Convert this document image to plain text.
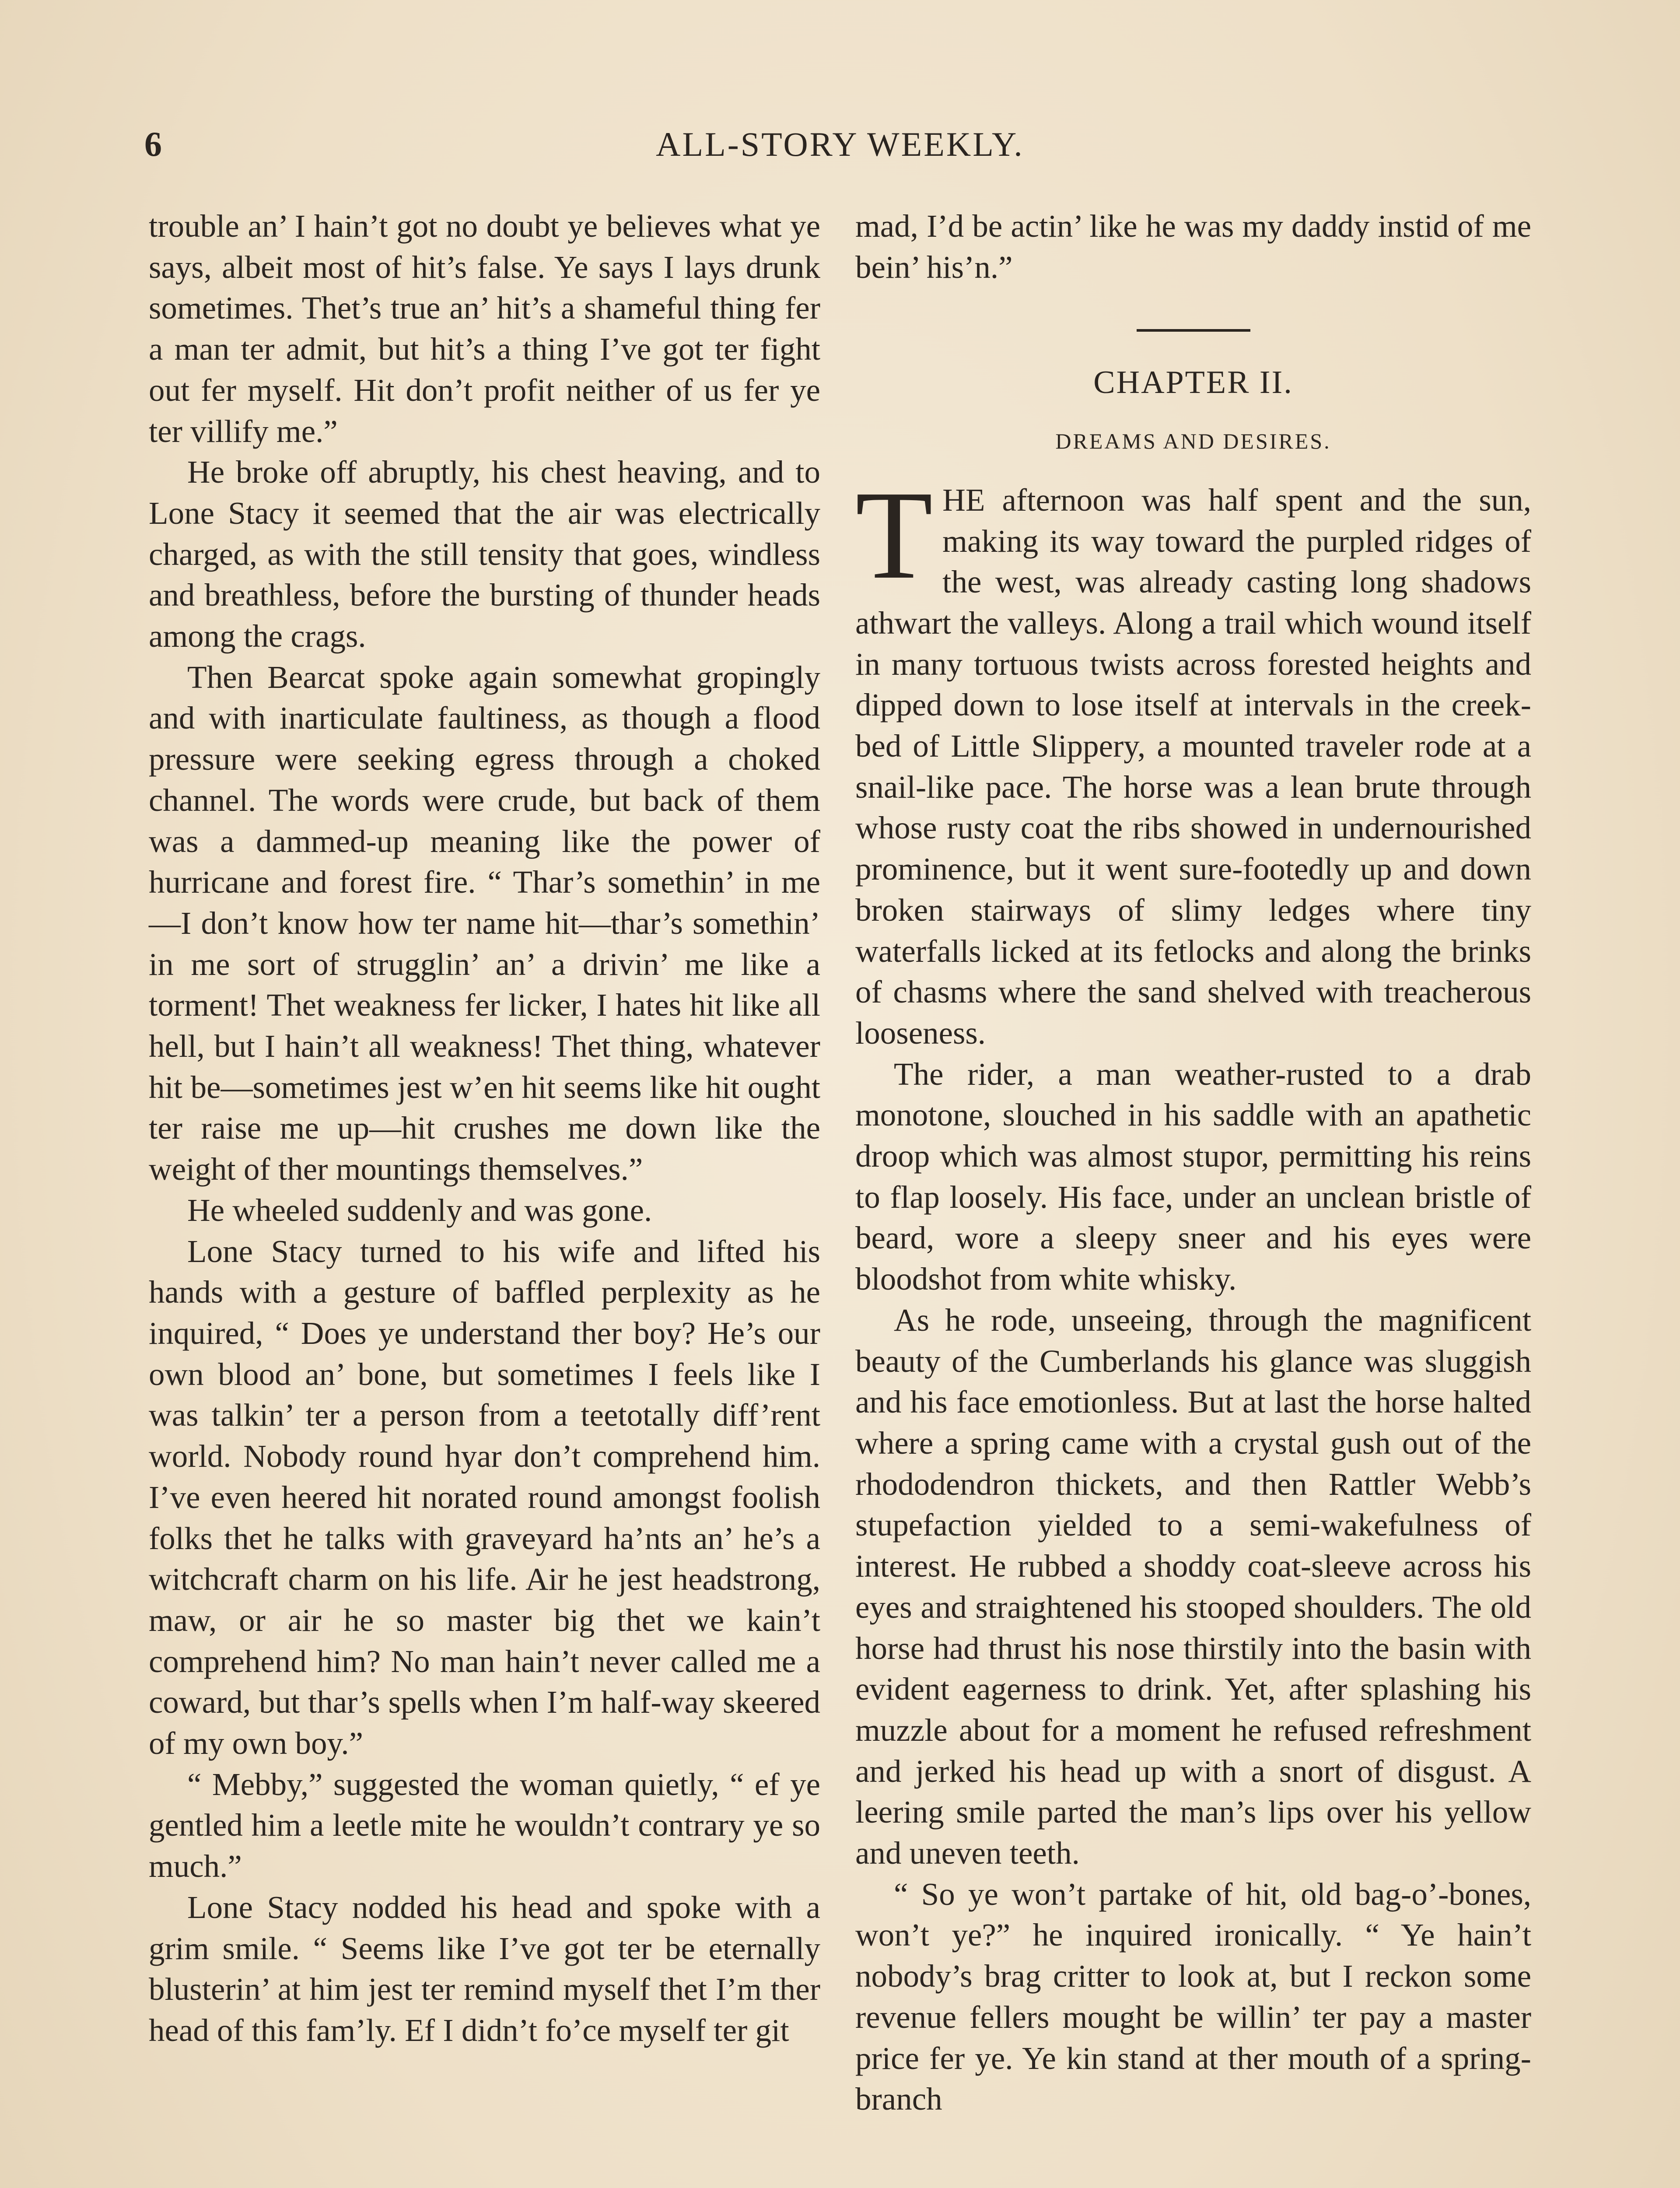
6	ALL-STORY WEEKLY.

trouble an’ I hain’t got no doubt ye believes what ye says, albeit most of hit’s false. Ye says I lays drunk sometimes. Thet’s true an’ hit’s a shameful thing fer a man ter admit, but hit’s a thing I’ve got ter fight out fer myself. Hit don’t profit neither of us fer ye ter villify me.”

He broke off abruptly, his chest heaving, and to Lone Stacy it seemed that the air was electrically charged, as with the still tensity that goes, windless and breathless, before the bursting of thunder heads among the crags.

Then Bearcat spoke again somewhat gropingly and with inarticulate faultiness, as though a flood pressure were seeking egress through a choked channel. The words were crude, but back of them was a dammed-up meaning like the power of hurricane and forest fire. “ Thar’s somethin’ in me—I don’t know how ter name hit—thar’s somethin’ in me sort of strugglin’ an’ a drivin’ me like a torment! Thet weakness fer licker, I hates hit like all hell, but I hain’t all weakness! Thet thing, whatever hit be—sometimes jest w’en hit seems like hit ought ter raise me up—hit crushes me down like the weight of ther mountings themselves.”

He wheeled suddenly and was gone.

Lone Stacy turned to his wife and lifted his hands with a gesture of baffled perplexity as he inquired, “ Does ye understand ther boy? He’s our own blood an’ bone, but sometimes I feels like I was talkin’ ter a person from a teetotally diff’rent world. Nobody round hyar don’t comprehend him. I’ve even heered hit norated round amongst foolish folks thet he talks with graveyard ha’nts an’ he’s a witchcraft charm on his life. Air he jest headstrong, maw, or air he so master big thet we kain’t comprehend him? No man hain’t never called me a coward, but thar’s spells when I’m half-way skeered of my own boy.”

“ Mebby,” suggested the woman quietly, “ ef ye gentled him a leetle mite he wouldn’t contrary ye so much.”

Lone Stacy nodded his head and spoke with a grim smile. “ Seems like I’ve got ter be eternally blusterin’ at him jest ter remind myself thet I’m ther head of this fam’ly. Ef I didn’t fo’ce myself ter git

mad, I’d be actin’ like he was my daddy instid of me bein’ his’n.”

CHAPTER II.
DREAMS AND DESIRES.

THE afternoon was half spent and the sun, making its way toward the purpled ridges of the west, was already casting long shadows athwart the valleys. Along a trail which wound itself in many tortuous twists across forested heights and dipped down to lose itself at intervals in the creek-bed of Little Slippery, a mounted traveler rode at a snail-like pace. The horse was a lean brute through whose rusty coat the ribs showed in undernourished prominence, but it went sure-footedly up and down broken stairways of slimy ledges where tiny waterfalls licked at its fetlocks and along the brinks of chasms where the sand shelved with treacherous looseness.

The rider, a man weather-rusted to a drab monotone, slouched in his saddle with an apathetic droop which was almost stupor, permitting his reins to flap loosely. His face, under an unclean bristle of beard, wore a sleepy sneer and his eyes were bloodshot from white whisky.

As he rode, unseeing, through the magnificent beauty of the Cumberlands his glance was sluggish and his face emotionless. But at last the horse halted where a spring came with a crystal gush out of the rhododendron thickets, and then Rattler Webb’s stupefaction yielded to a semi-wakefulness of interest. He rubbed a shoddy coat-sleeve across his eyes and straightened his stooped shoulders. The old horse had thrust his nose thirstily into the basin with evident eagerness to drink. Yet, after splashing his muzzle about for a moment he refused refreshment and jerked his head up with a snort of disgust. A leering smile parted the man’s lips over his yellow and uneven teeth.

“ So ye won’t partake of hit, old bag-o’-bones, won’t ye?” he inquired ironically. “ Ye hain’t nobody’s brag critter to look at, but I reckon some revenue fellers mought be willin’ ter pay a master price fer ye. Ye kin stand at ther mouth of a spring-branch
